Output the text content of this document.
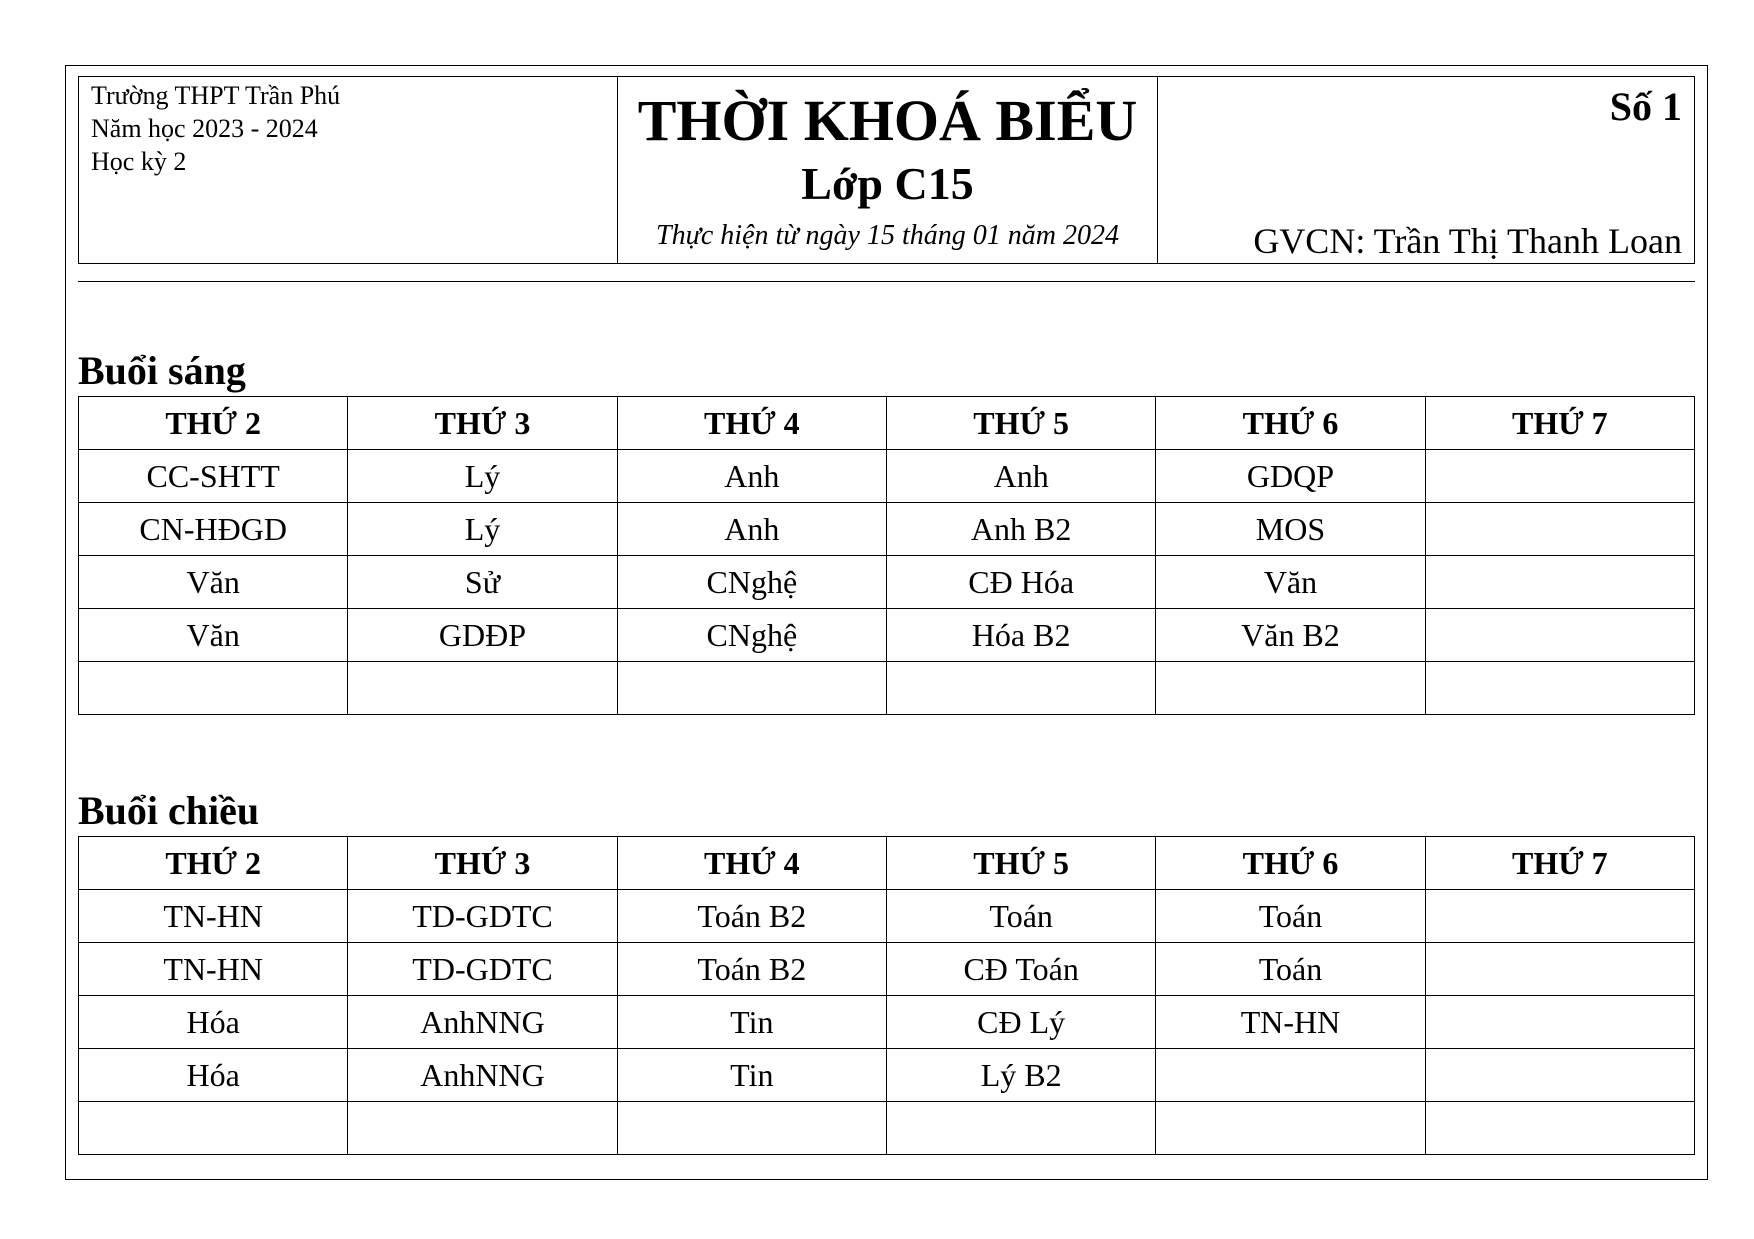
Trường THPT Trần Phú
Năm học 2023 - 2024
Học kỳ 2
THỜI KHOÁ BIỂU
Lớp C15
Thực hiện từ ngày 15 tháng 01 năm 2024
Số 1
GVCN: Trần Thị Thanh Loan
Buổi sáng
THỨ 2	THỨ 3	THỨ 4	THỨ 5	THỨ 6	THỨ 7
CC-SHTT	Lý	Anh	Anh	GDQP	
CN-HĐGD	Lý	Anh	Anh B2	MOS	
Văn	Sử	CNghệ	CĐ Hóa	Văn	
Văn	GDĐP	CNghệ	Hóa B2	Văn B2	

Buổi chiều
THỨ 2	THỨ 3	THỨ 4	THỨ 5	THỨ 6	THỨ 7
TN-HN	TD-GDTC	Toán B2	Toán	Toán	
TN-HN	TD-GDTC	Toán B2	CĐ Toán	Toán	
Hóa	AnhNNG	Tin	CĐ Lý	TN-HN	
Hóa	AnhNNG	Tin	Lý B2		
